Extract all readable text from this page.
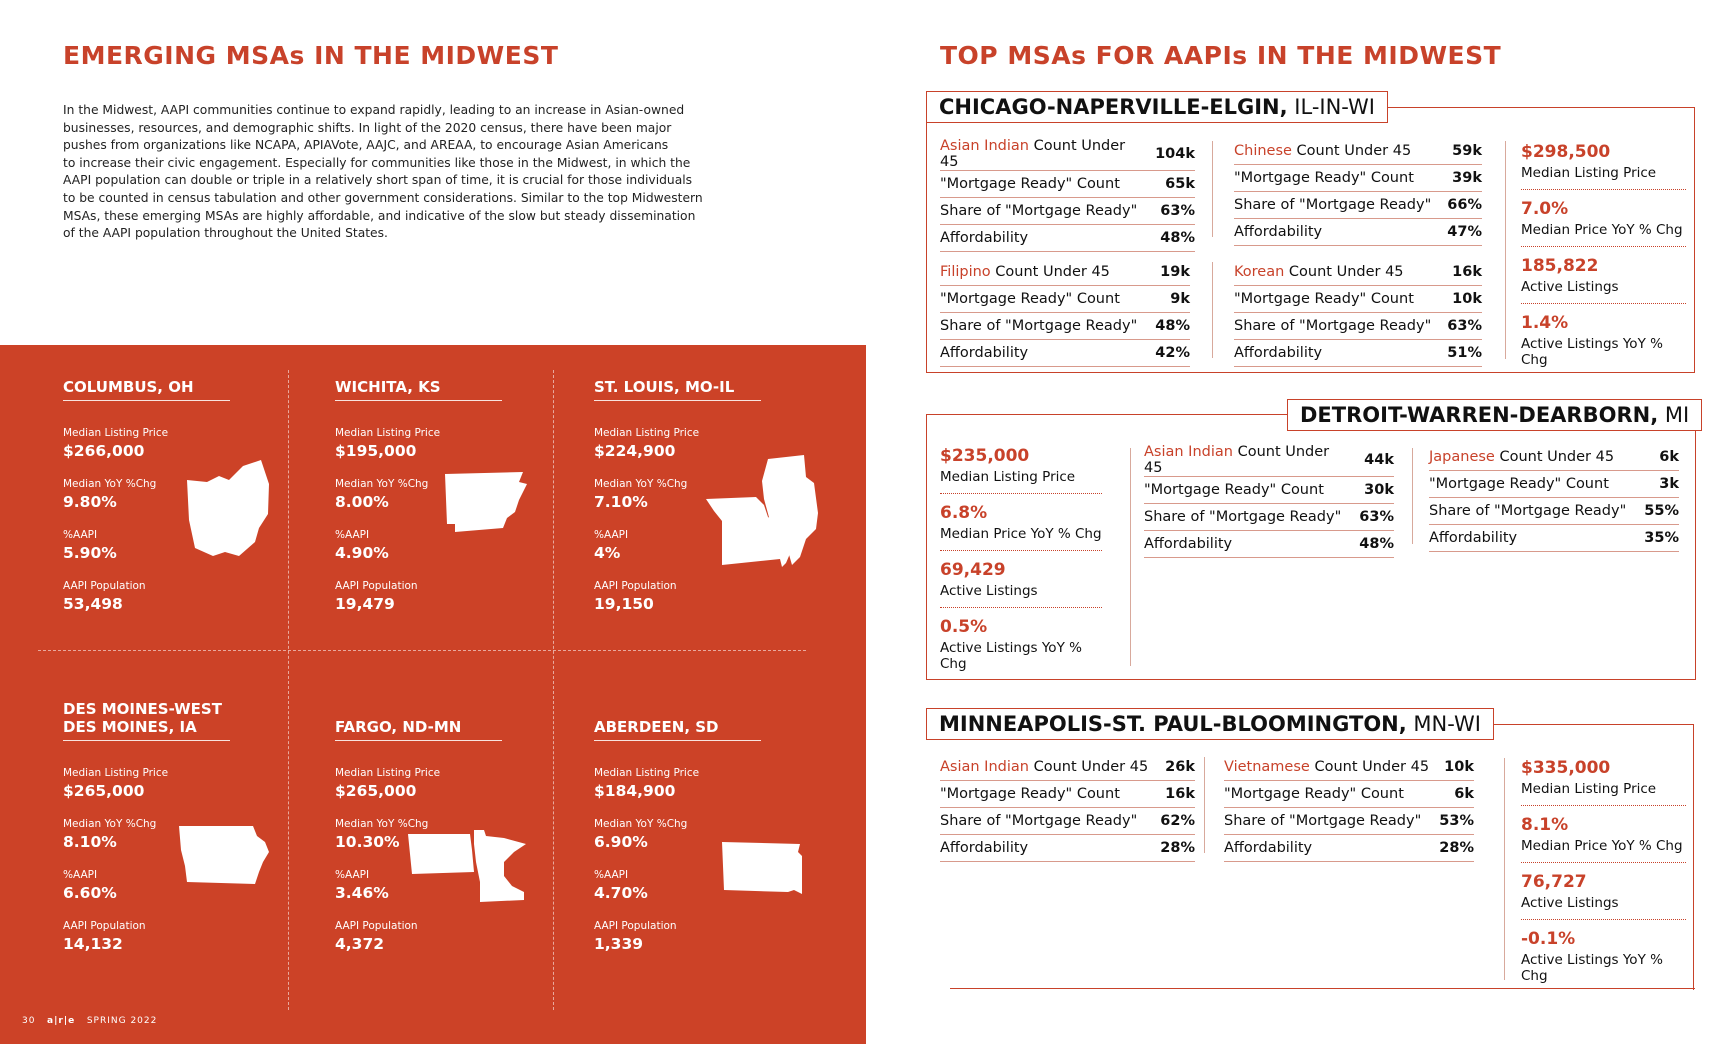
EMERGING MSAs IN THE MIDWEST
In the Midwest, AAPI communities continue to expand rapidly, leading to an increase in Asian-owned
businesses, resources, and demographic shifts. In light of the 2020 census, there have been major
pushes from organizations like NCAPA, APIAVote, AAJC, and AREAA, to encourage Asian Americans
to increase their civic engagement. Especially for communities like those in the Midwest, in which the
AAPI population can double or triple in a relatively short span of time, it is crucial for those individuals
to be counted in census tabulation and other government considerations. Similar to the top Midwestern
MSAs, these emerging MSAs are highly affordable, and indicative of the slow but steady dissemination
of the AAPI population throughout the United States.
COLUMBUS, OH
Median Listing Price
$266,000
Median YoY %Chg
9.80%
%AAPI
5.90%
AAPI Population
53,498
WICHITA, KS
Median Listing Price
$195,000
Median YoY %Chg
8.00%
%AAPI
4.90%
AAPI Population
19,479
ST. LOUIS, MO-IL
Median Listing Price
$224,900
Median YoY %Chg
7.10%
%AAPI
4%
AAPI Population
19,150
DES MOINES-WEST
DES MOINES, IA
Median Listing Price
$265,000
Median YoY %Chg
8.10%
%AAPI
6.60%
AAPI Population
14,132
FARGO, ND-MN
Median Listing Price
$265,000
Median YoY %Chg
10.30%
%AAPI
3.46%
AAPI Population
4,372
ABERDEEN, SD
Median Listing Price
$184,900
Median YoY %Chg
6.90%
%AAPI
4.70%
AAPI Population
1,339
30 a|r|e SPRING 2022
TOP MSAs FOR AAPIs IN THE MIDWEST
CHICAGO-NAPERVILLE-ELGIN, IL-IN-WI
Asian Indian Count Under 45	104k
"Mortgage Ready" Count	65k
Share of "Mortgage Ready"	63%
Affordability	48%
Chinese Count Under 45	59k
"Mortgage Ready" Count	39k
Share of "Mortgage Ready"	66%
Affordability	47%
Filipino Count Under 45	19k
"Mortgage Ready" Count	9k
Share of "Mortgage Ready"	48%
Affordability	42%
Korean Count Under 45	16k
"Mortgage Ready" Count	10k
Share of "Mortgage Ready"	63%
Affordability	51%
$298,500
Median Listing Price
7.0%
Median Price YoY % Chg
185,822
Active Listings
1.4%
Active Listings YoY % Chg
DETROIT-WARREN-DEARBORN, MI
$235,000
Median Listing Price
6.8%
Median Price YoY % Chg
69,429
Active Listings
0.5%
Active Listings YoY % Chg
Asian Indian Count Under 45	44k
"Mortgage Ready" Count	30k
Share of "Mortgage Ready"	63%
Affordability	48%
Japanese Count Under 45	6k
"Mortgage Ready" Count	3k
Share of "Mortgage Ready"	55%
Affordability	35%
MINNEAPOLIS-ST. PAUL-BLOOMINGTON, MN-WI
Asian Indian Count Under 45	26k
"Mortgage Ready" Count	16k
Share of "Mortgage Ready"	62%
Affordability	28%
Vietnamese Count Under 45	10k
"Mortgage Ready" Count	6k
Share of "Mortgage Ready"	53%
Affordability	28%
$335,000
Median Listing Price
8.1%
Median Price YoY % Chg
76,727
Active Listings
-0.1%
Active Listings YoY % Chg
